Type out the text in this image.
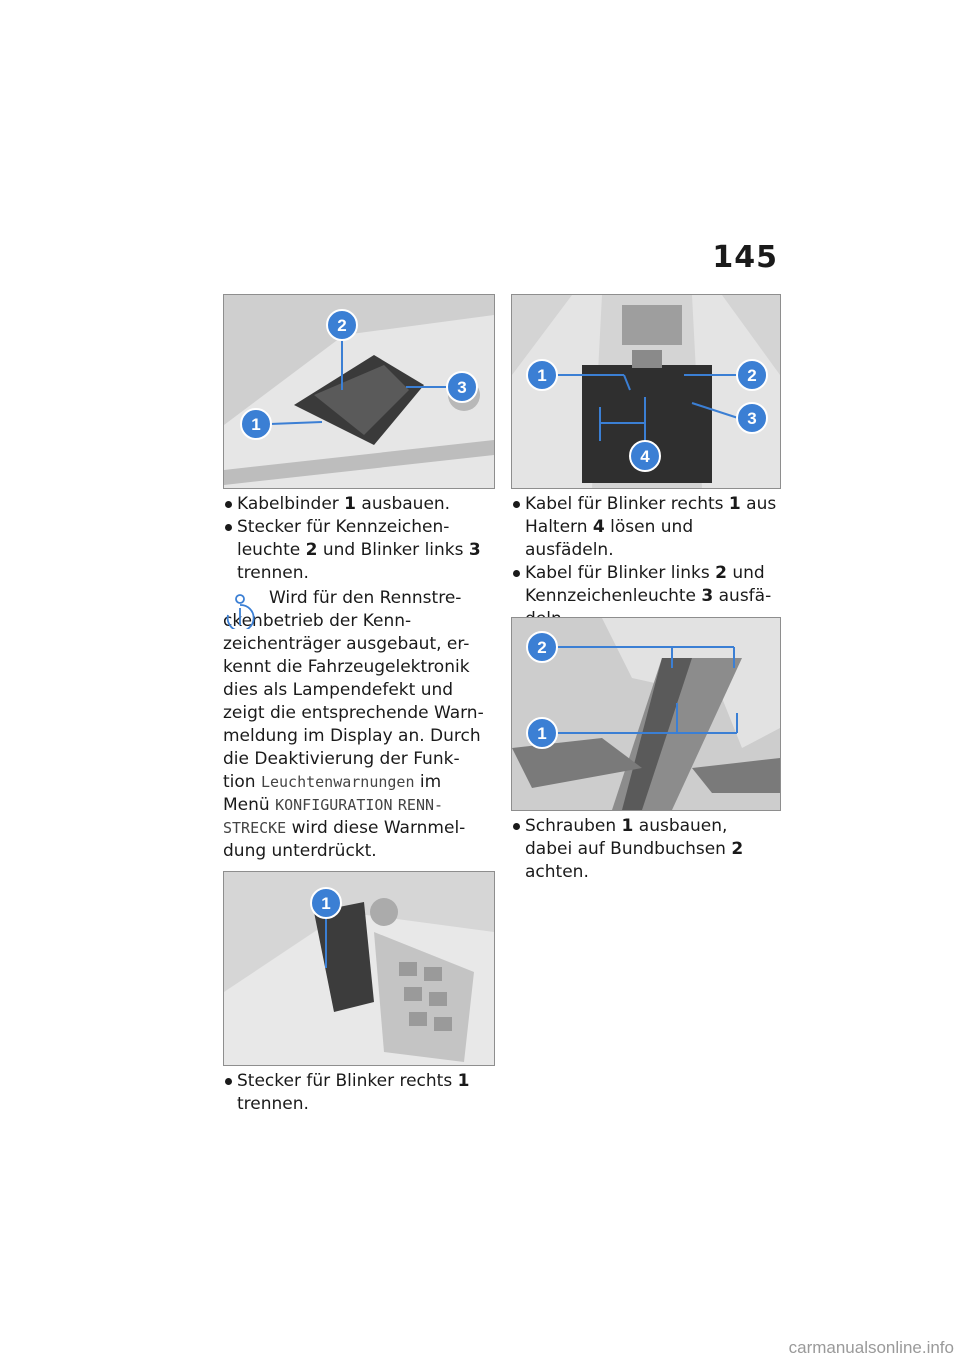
145
1
2
3
1	2
3
4

Kabelbinder 1 ausbauen.

Stecker für Kennzeichen-leuchte 2 und Blinker links 3 trennen.

Wird für den Rennstre-ckenbetrieb der Kenn-zeichenträger ausgebaut, er-kennt die Fahrzeugelektronik dies als Lampendefekt und zeigt die entsprechende Warn-meldung im Display an. Durch die Deaktivierung der Funk-tion Leuchtenwarnungen im Menü KONFIGURATION RENN-STRECKE wird diese Warnmel-dung unterdrückt.

1

Stecker für Blinker rechts 1 trennen.

Kabel für Blinker rechts 1 aus Haltern 4 lösen und ausfädeln.

Kabel für Blinker links 2 und Kennzeichenleuchte 3 ausfä-

2
1

Schrauben 1 ausbauen, dabei auf Bundbuchsen 2 achten.

carmanualsonline.info
